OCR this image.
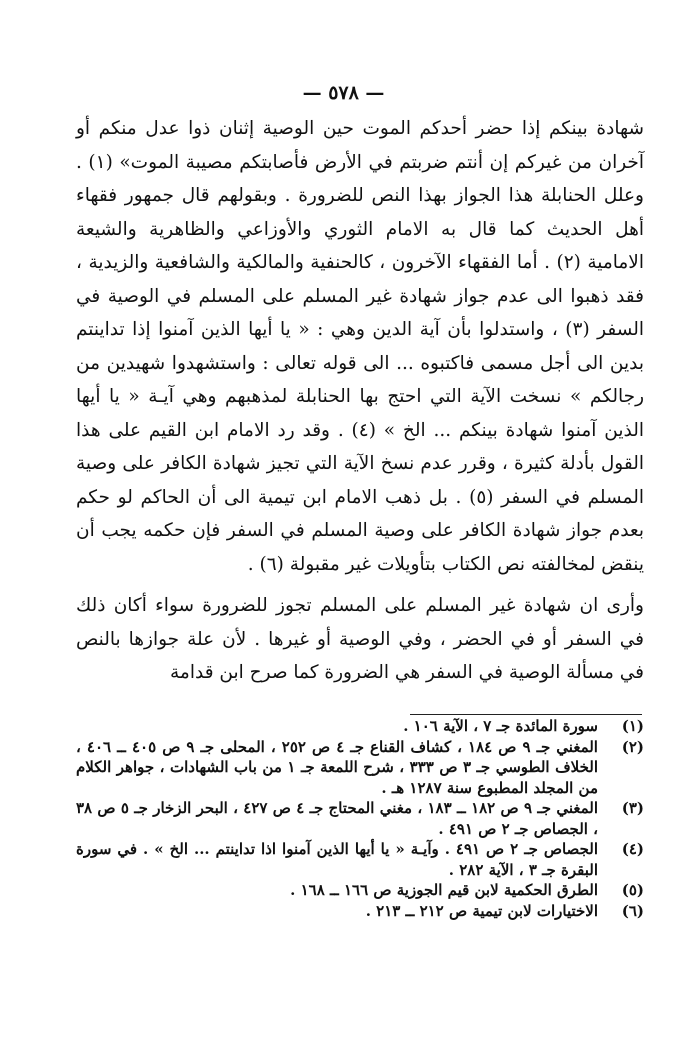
— ٥٧٨ —

شهادة بينكم إذا حضر أحدكم الموت حين الوصية إثنان ذوا عدل منكم أو آخران من غيركم إن أنتم ضربتم في الأرض فأصابتكم مصيبة الموت» (١) . وعلل الحنابلة هذا الجواز بهذا النص للضرورة . وبقولهم قال جمهور فقهاء أهل الحديث كما قال به الامام الثوري والأوزاعي والظاهرية والشيعة الامامية (٢) . أما الفقهاء الآخرون ، كالحنفية والمالكية والشافعية والزيدية ، فقد ذهبوا الى عدم جواز شهادة غير المسلم على المسلم في الوصية في السفر (٣) ، واستدلوا بأن آية الدين وهي : « يا أيها الذين آمنوا إذا تداينتم بدين الى أجل مسمى فاكتبوه ... الى قوله تعالى : واستشهدوا شهيدين من رجالكم » نسخت الآية التي احتج بها الحنابلة لمذهبهم وهي آيـة « يا أيها الذين آمنوا شهادة بينكم ... الخ » (٤) . وقد رد الامام ابن القيم على هذا القول بأدلة كثيرة ، وقرر عدم نسخ الآية التي تجيز شهادة الكافر على وصية المسلم في السفر (٥) . بل ذهب الامام ابن تيمية الى أن الحاكم لو حكم بعدم جواز شهادة الكافر على وصية المسلم في السفر فإن حكمه يجب أن ينقض لمخالفته نص الكتاب بتأويلات غير مقبولة (٦) .

وأرى ان شهادة غير المسلم على المسلم تجوز للضرورة سواء أكان ذلك في السفر أو في الحضر ، وفي الوصية أو غيرها . لأن علة جوازها بالنص في مسألة الوصية في السفر هي الضرورة كما صرح ابن قدامة

(١)
سورة المائدة جـ ٧ ، الآية ١٠٦ .
(٢)
المغني جـ ٩ ص ١٨٤ ، كشاف القناع جـ ٤ ص ٢٥٢ ، المحلى جـ ٩ ص ٤٠٥ ــ ٤٠٦ ، الخلاف الطوسي جـ ٣ ص ٣٣٣ ، شرح اللمعة جـ ١ من باب الشهادات ، جواهر الكلام من المجلد المطبوع سنة ١٢٨٧ هـ .
(٣)
المغني جـ ٩ ص ١٨٢ ــ ١٨٣ ، مغني المحتاج جـ ٤ ص ٤٢٧ ، البحر الزخار جـ ٥ ص ٣٨ ، الجصاص جـ ٢ ص ٤٩١ .
(٤)
الجصاص جـ ٢ ص ٤٩١ . وآيـة « يا أيها الذين آمنوا اذا تداينتم ... الخ » . في سورة البقرة جـ ٣ ، الآية ٢٨٢ .
(٥)
الطرق الحكمية لابن قيم الجوزية ص ١٦٦ ــ ١٦٨ .
(٦)
الاختيارات لابن تيمية ص ٢١٢ ــ ٢١٣ .
